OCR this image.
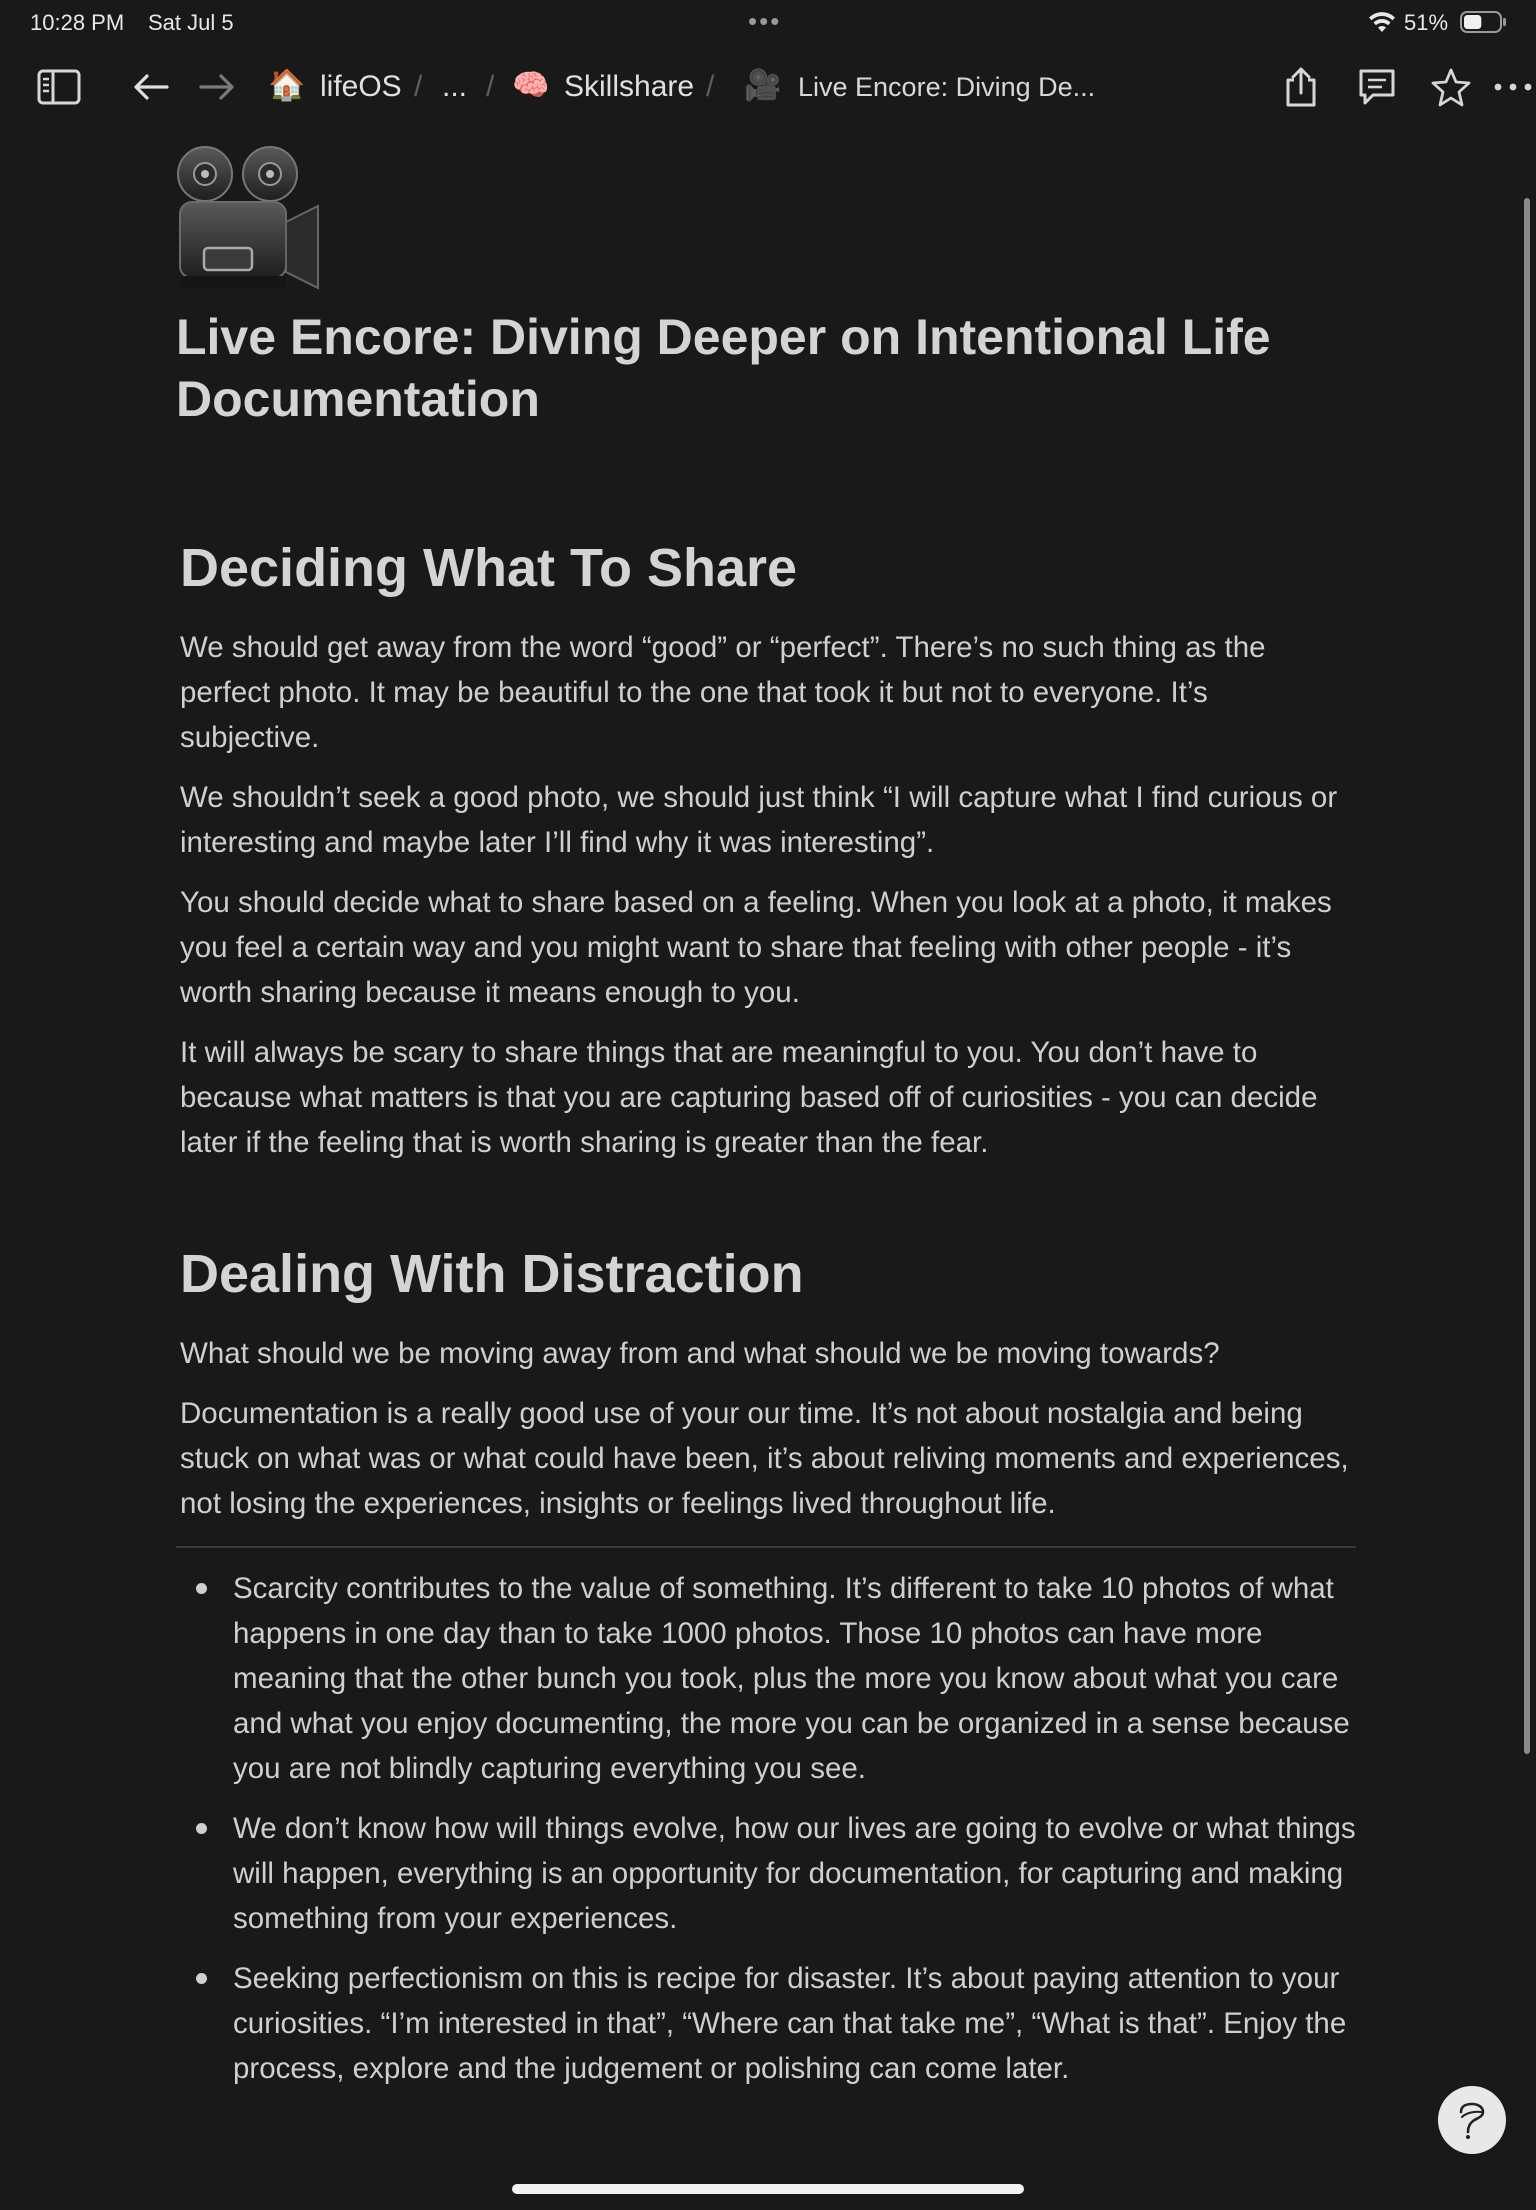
10:28 PM Sat Jul 5	•••	51%
🏠 lifeOS / ... / 🧠 Skillshare / 🎥 Live Encore: Diving De...
Live Encore: Diving Deeper on Intentional Life Documentation
Deciding What To Share

We should get away from the word “good” or “perfect”. There’s no such thing as the perfect photo. It may be beautiful to the one that took it but not to everyone. It’s subjective.

We shouldn’t seek a good photo, we should just think “I will capture what I find curious or interesting and maybe later I’ll find why it was interesting”.

You should decide what to share based on a feeling. When you look at a photo, it makes you feel a certain way and you might want to share that feeling with other people - it’s worth sharing because it means enough to you.

It will always be scary to share things that are meaningful to you. You don’t have to because what matters is that you are capturing based off of curiosities - you can decide later if the feeling that is worth sharing is greater than the fear.

Dealing With Distraction

What should we be moving away from and what should we be moving towards?

Documentation is a really good use of your our time. It’s not about nostalgia and being stuck on what was or what could have been, it’s about reliving moments and experiences, not losing the experiences, insights or feelings lived throughout life.

Scarcity contributes to the value of something. It’s different to take 10 photos of what happens in one day than to take 1000 photos. Those 10 photos can have more meaning that the other bunch you took, plus the more you know about what you care and what you enjoy documenting, the more you can be organized in a sense because you are not blindly capturing everything you see.
We don’t know how will things evolve, how our lives are going to evolve or what things will happen, everything is an opportunity for documentation, for capturing and making something from your experiences.
Seeking perfectionism on this is recipe for disaster. It’s about paying attention to your curiosities. “I’m interested in that”, “Where can that take me”, “What is that”. Enjoy the process, explore and the judgement or polishing can come later.
